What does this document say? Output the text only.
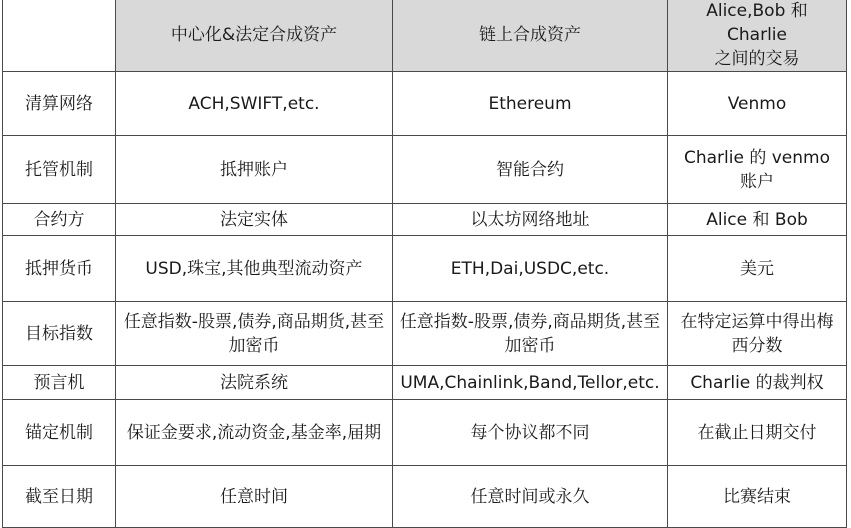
	中心化&法定合成资产	链上合成资产	Alice,Bob 和 Charlie
之间的交易
清算网络	ACH,SWIFT,etc.	Ethereum	Venmo
托管机制	抵押账户	智能合约	Charlie 的 venmo 账户
合约方	法定实体	以太坊网络地址	Alice 和 Bob
抵押货币	USD,珠宝,其他典型流动资产	ETH,Dai,USDC,etc.	美元
目标指数	任意指数-股票,债券,商品期货,甚至加密币	任意指数-股票,债券,商品期货,甚至加密币	在特定运算中得出梅西分数
预言机	法院系统	UMA,Chainlink,Band,Tellor,etc.	Charlie 的裁判权
锚定机制	保证金要求,流动资金,基金率,届期	每个协议都不同	在截止日期交付
截至日期	任意时间	任意时间或永久	比赛结束
